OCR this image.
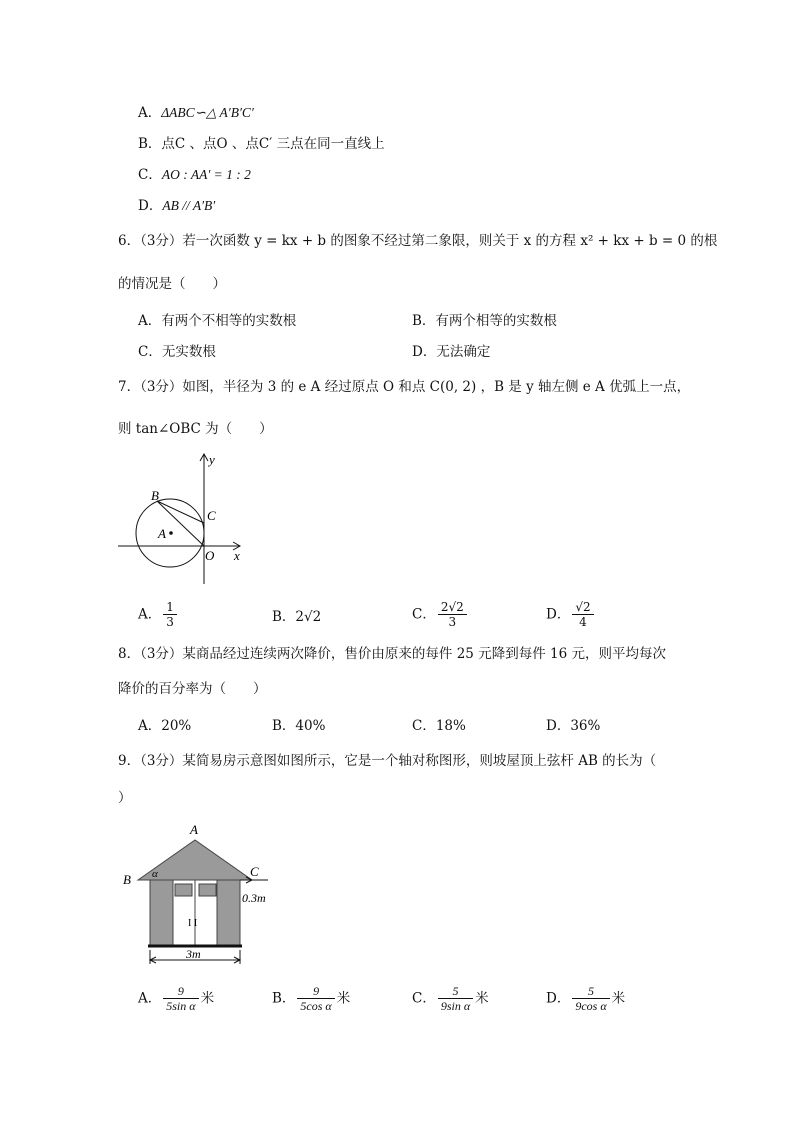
A．ΔABC∽△ A′B′C′
B．点C 、点O 、点C′ 三点在同一直线上
C．AO : AA′ = 1 : 2
D．AB // A′B′
6．（3分）若一次函数 y = kx + b 的图象不经过第二象限，则关于 x 的方程 x² + kx + b = 0 的根
的情况是（　　）
A．有两个不相等的实数根	B．有两个相等的实数根
C．无实数根	D．无法确定
7．（3分）如图，半径为 3 的 e A 经过原点 O 和点 C(0, 2) ，B 是 y 轴左侧 e A 优弧上一点，
则 tan∠OBC 为（　　）
B
C
A
O x
y
A． $\frac{1}{3}$	B．2√2	C． $\frac{2√2}{3}$	D． $\frac{√2}{4}$
8．（3分）某商品经过连续两次降价，售价由原来的每件 25 元降到每件 16 元，则平均每次
降价的百分率为（　　）
A．20%	B．40%	C．18%	D．36%
9．（3分）某简易房示意图如图所示，它是一个轴对称图形，则坡屋顶上弦杆 AB 的长为（
）
I I
3m
0.3m
A
B
C
α
A． $\frac{9}{\text{5sin α}}$ 米	B． $\frac{9}{\text{5cos α}}$ 米	C． $\frac{5}{\text{9sin α}}$ 米	D． $\frac{5}{\text{9cos α}}$ 米
